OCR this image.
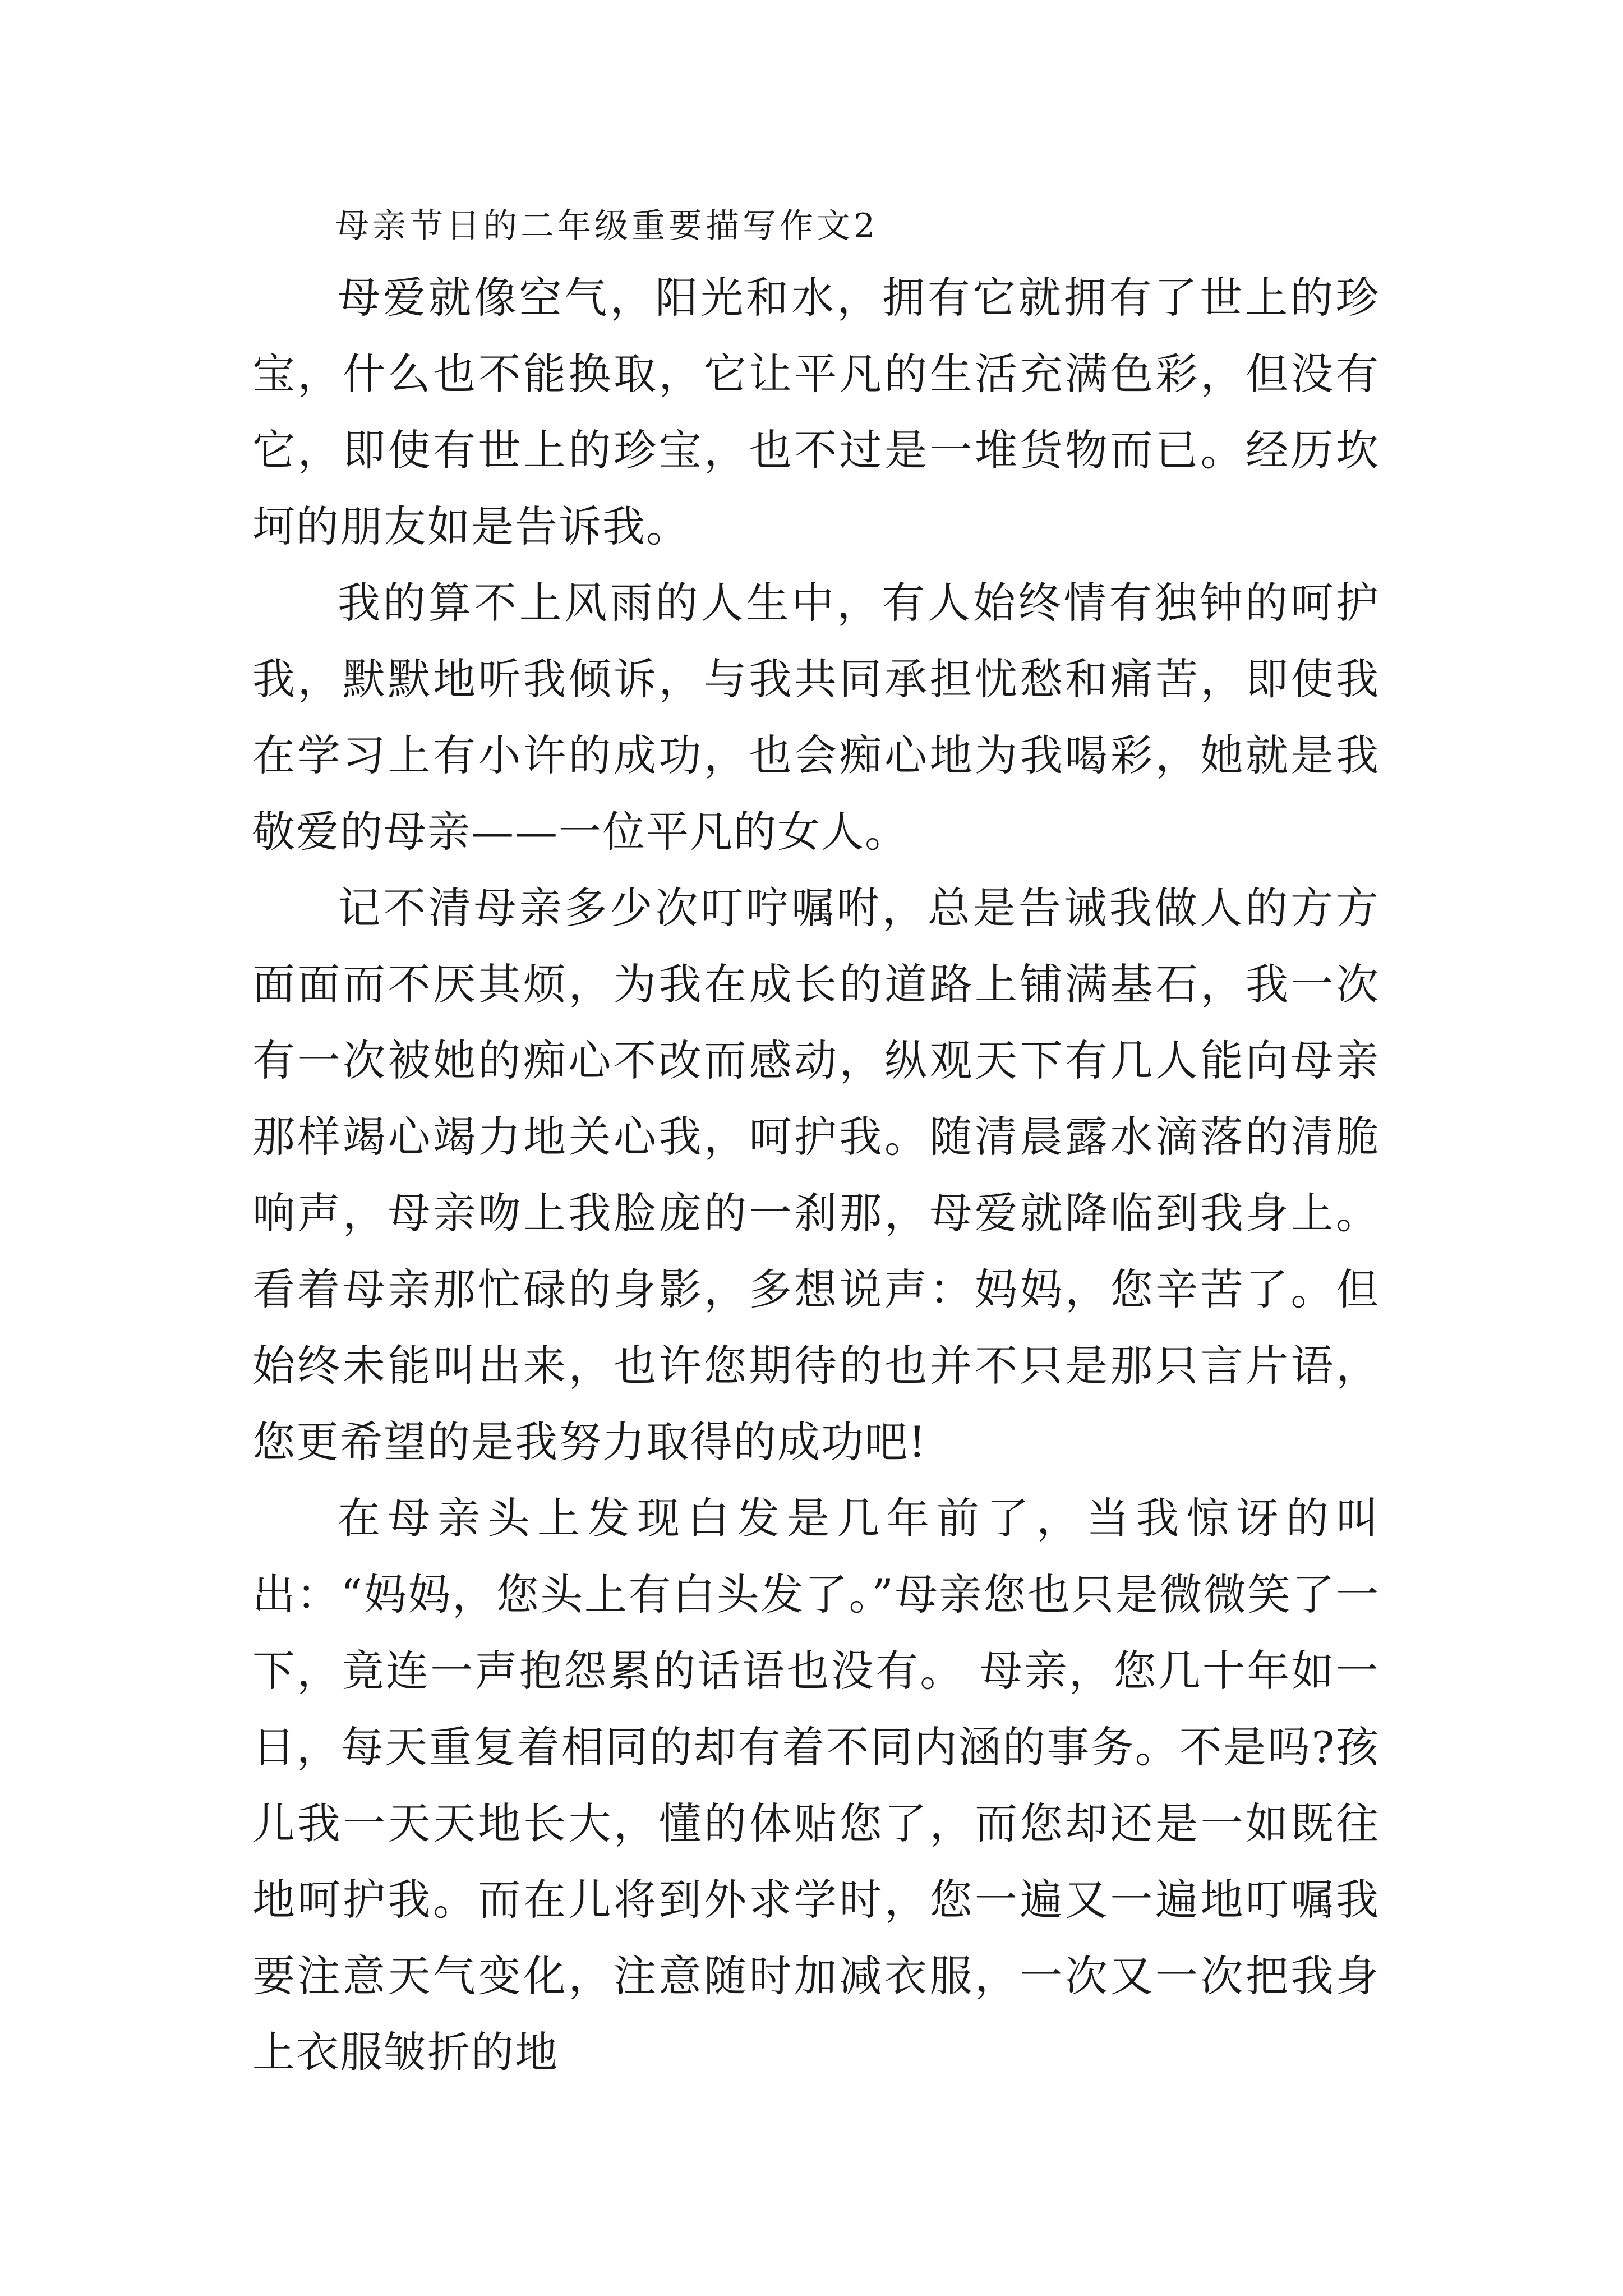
母亲节日的二年级重要描写作文2

母爱就像空气，阳光和水，拥有它就拥有了世上的珍宝，什么也不能换取，它让平凡的生活充满色彩，但没有它，即使有世上的珍宝，也不过是一堆货物而已。经历坎坷的朋友如是告诉我。

我的算不上风雨的人生中，有人始终情有独钟的呵护我，默默地听我倾诉，与我共同承担忧愁和痛苦，即使我在学习上有小许的成功，也会痴心地为我喝彩，她就是我敬爱的母亲——一位平凡的女人。

记不清母亲多少次叮咛嘱咐，总是告诫我做人的方方面面而不厌其烦，为我在成长的道路上铺满基石，我一次有一次被她的痴心不改而感动，纵观天下有几人能向母亲那样竭心竭力地关心我，呵护我。随清晨露水滴落的清脆响声，母亲吻上我脸庞的一刹那，母爱就降临到我身上。看着母亲那忙碌的身影，多想说声：妈妈，您辛苦了。但始终未能叫出来，也许您期待的也并不只是那只言片语，您更希望的是我努力取得的成功吧!

在母亲头上发现白发是几年前了，当我惊讶的叫出：“妈妈，您头上有白头发了。”母亲您也只是微微笑了一下，竟连一声抱怨累的话语也没有。 母亲，您几十年如一日，每天重复着相同的却有着不同内涵的事务。不是吗?孩儿我一天天地长大，懂的体贴您了，而您却还是一如既往地呵护我。而在儿将到外求学时，您一遍又一遍地叮嘱我要注意天气变化，注意随时加减衣服，一次又一次把我身上衣服皱折的地
